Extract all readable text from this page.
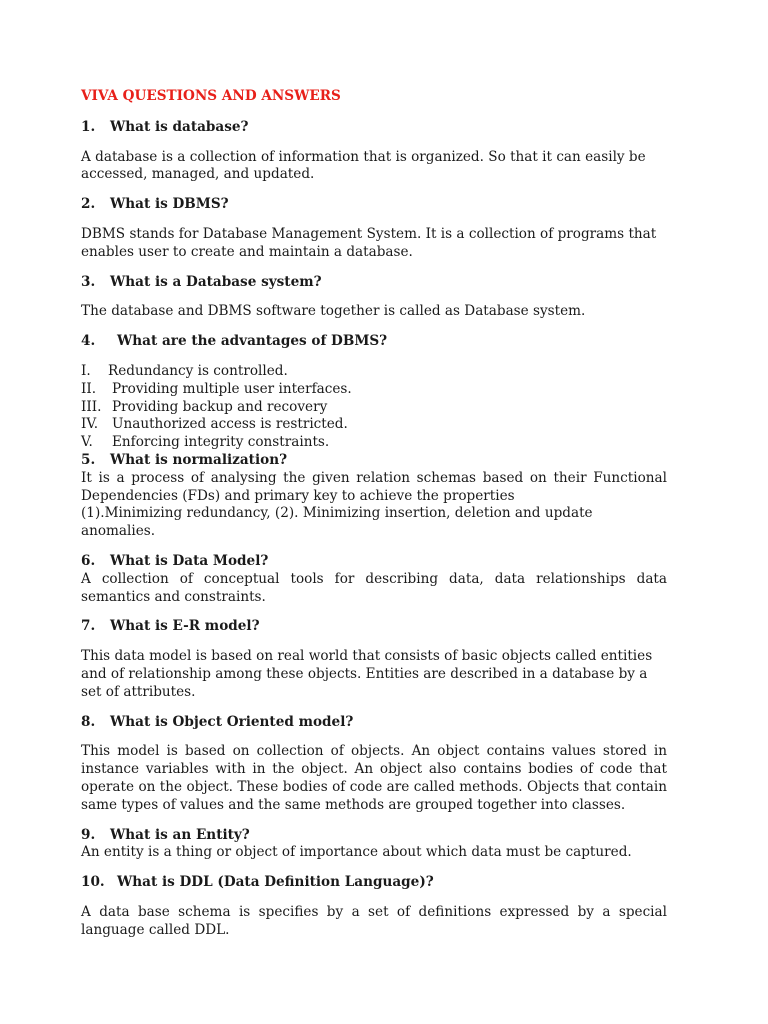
VIVA QUESTIONS AND ANSWERS
1. What is database?

A database is a collection of information that is organized. So that it can easily be accessed, managed, and updated.

2. What is DBMS?

DBMS stands for Database Management System. It is a collection of programs that enables user to create and maintain a database.

3. What is a Database system?

The database and DBMS software together is called as Database system.

4. What are the advantages of DBMS?
I. Redundancy is controlled.
II. Providing multiple user interfaces.
III. Providing backup and recovery
IV. Unauthorized access is restricted.
V. Enforcing integrity constraints.
5. What is normalization?

It is a process of analysing the given relation schemas based on their Functional Dependencies (FDs) and primary key to achieve the properties

(1).Minimizing redundancy, (2). Minimizing insertion, deletion and update anomalies.

6. What is Data Model?

A collection of conceptual tools for describing data, data relationships data semantics and constraints.

7. What is E-R model?

This data model is based on real world that consists of basic objects called entities and of relationship among these objects. Entities are described in a database by a set of attributes.

8. What is Object Oriented model?

This model is based on collection of objects. An object contains values stored in instance variables with in the object. An object also contains bodies of code that operate on the object. These bodies of code are called methods. Objects that contain same types of values and the same methods are grouped together into classes.

9. What is an Entity?

An entity is a thing or object of importance about which data must be captured.

10. What is DDL (Data Definition Language)?

A data base schema is specifies by a set of definitions expressed by a special language called DDL.
